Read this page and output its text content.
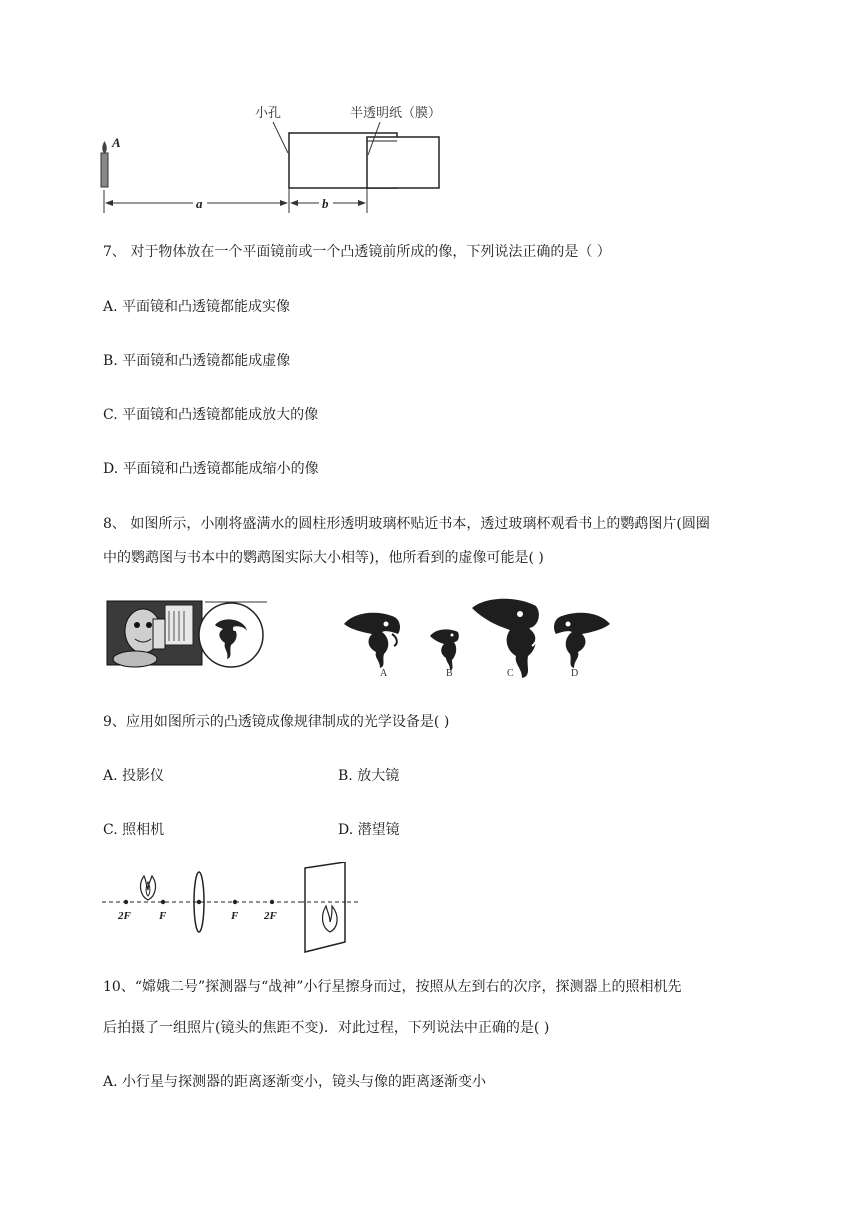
A
小孔	半透明纸（膜）
a	b
7、 对于物体放在一个平面镜前或一个凸透镜前所成的像，下列说法正确的是（ ）
A. 平面镜和凸透镜都能成实像
B. 平面镜和凸透镜都能成虚像
C. 平面镜和凸透镜都能成放大的像
D. 平面镜和凸透镜都能成缩小的像
8、 如图所示，小刚将盛满水的圆柱形透明玻璃杯贴近书本，透过玻璃杯观看书上的鹦鹉图片(圆圈
中的鹦鹉图与书本中的鹦鹉图实际大小相等)，他所看到的虚像可能是( )
A	B	C	D
9、应用如图所示的凸透镜成像规律制成的光学设备是( )
A. 投影仪	B. 放大镜
C. 照相机	D. 潜望镜
2F	F	F 2F
10、“嫦娥二号”探测器与“战神”小行星擦身而过，按照从左到右的次序，探测器上的照相机先
后拍摄了一组照片(镜头的焦距不变)．对此过程，下列说法中正确的是( )
A. 小行星与探测器的距离逐渐变小，镜头与像的距离逐渐变小
